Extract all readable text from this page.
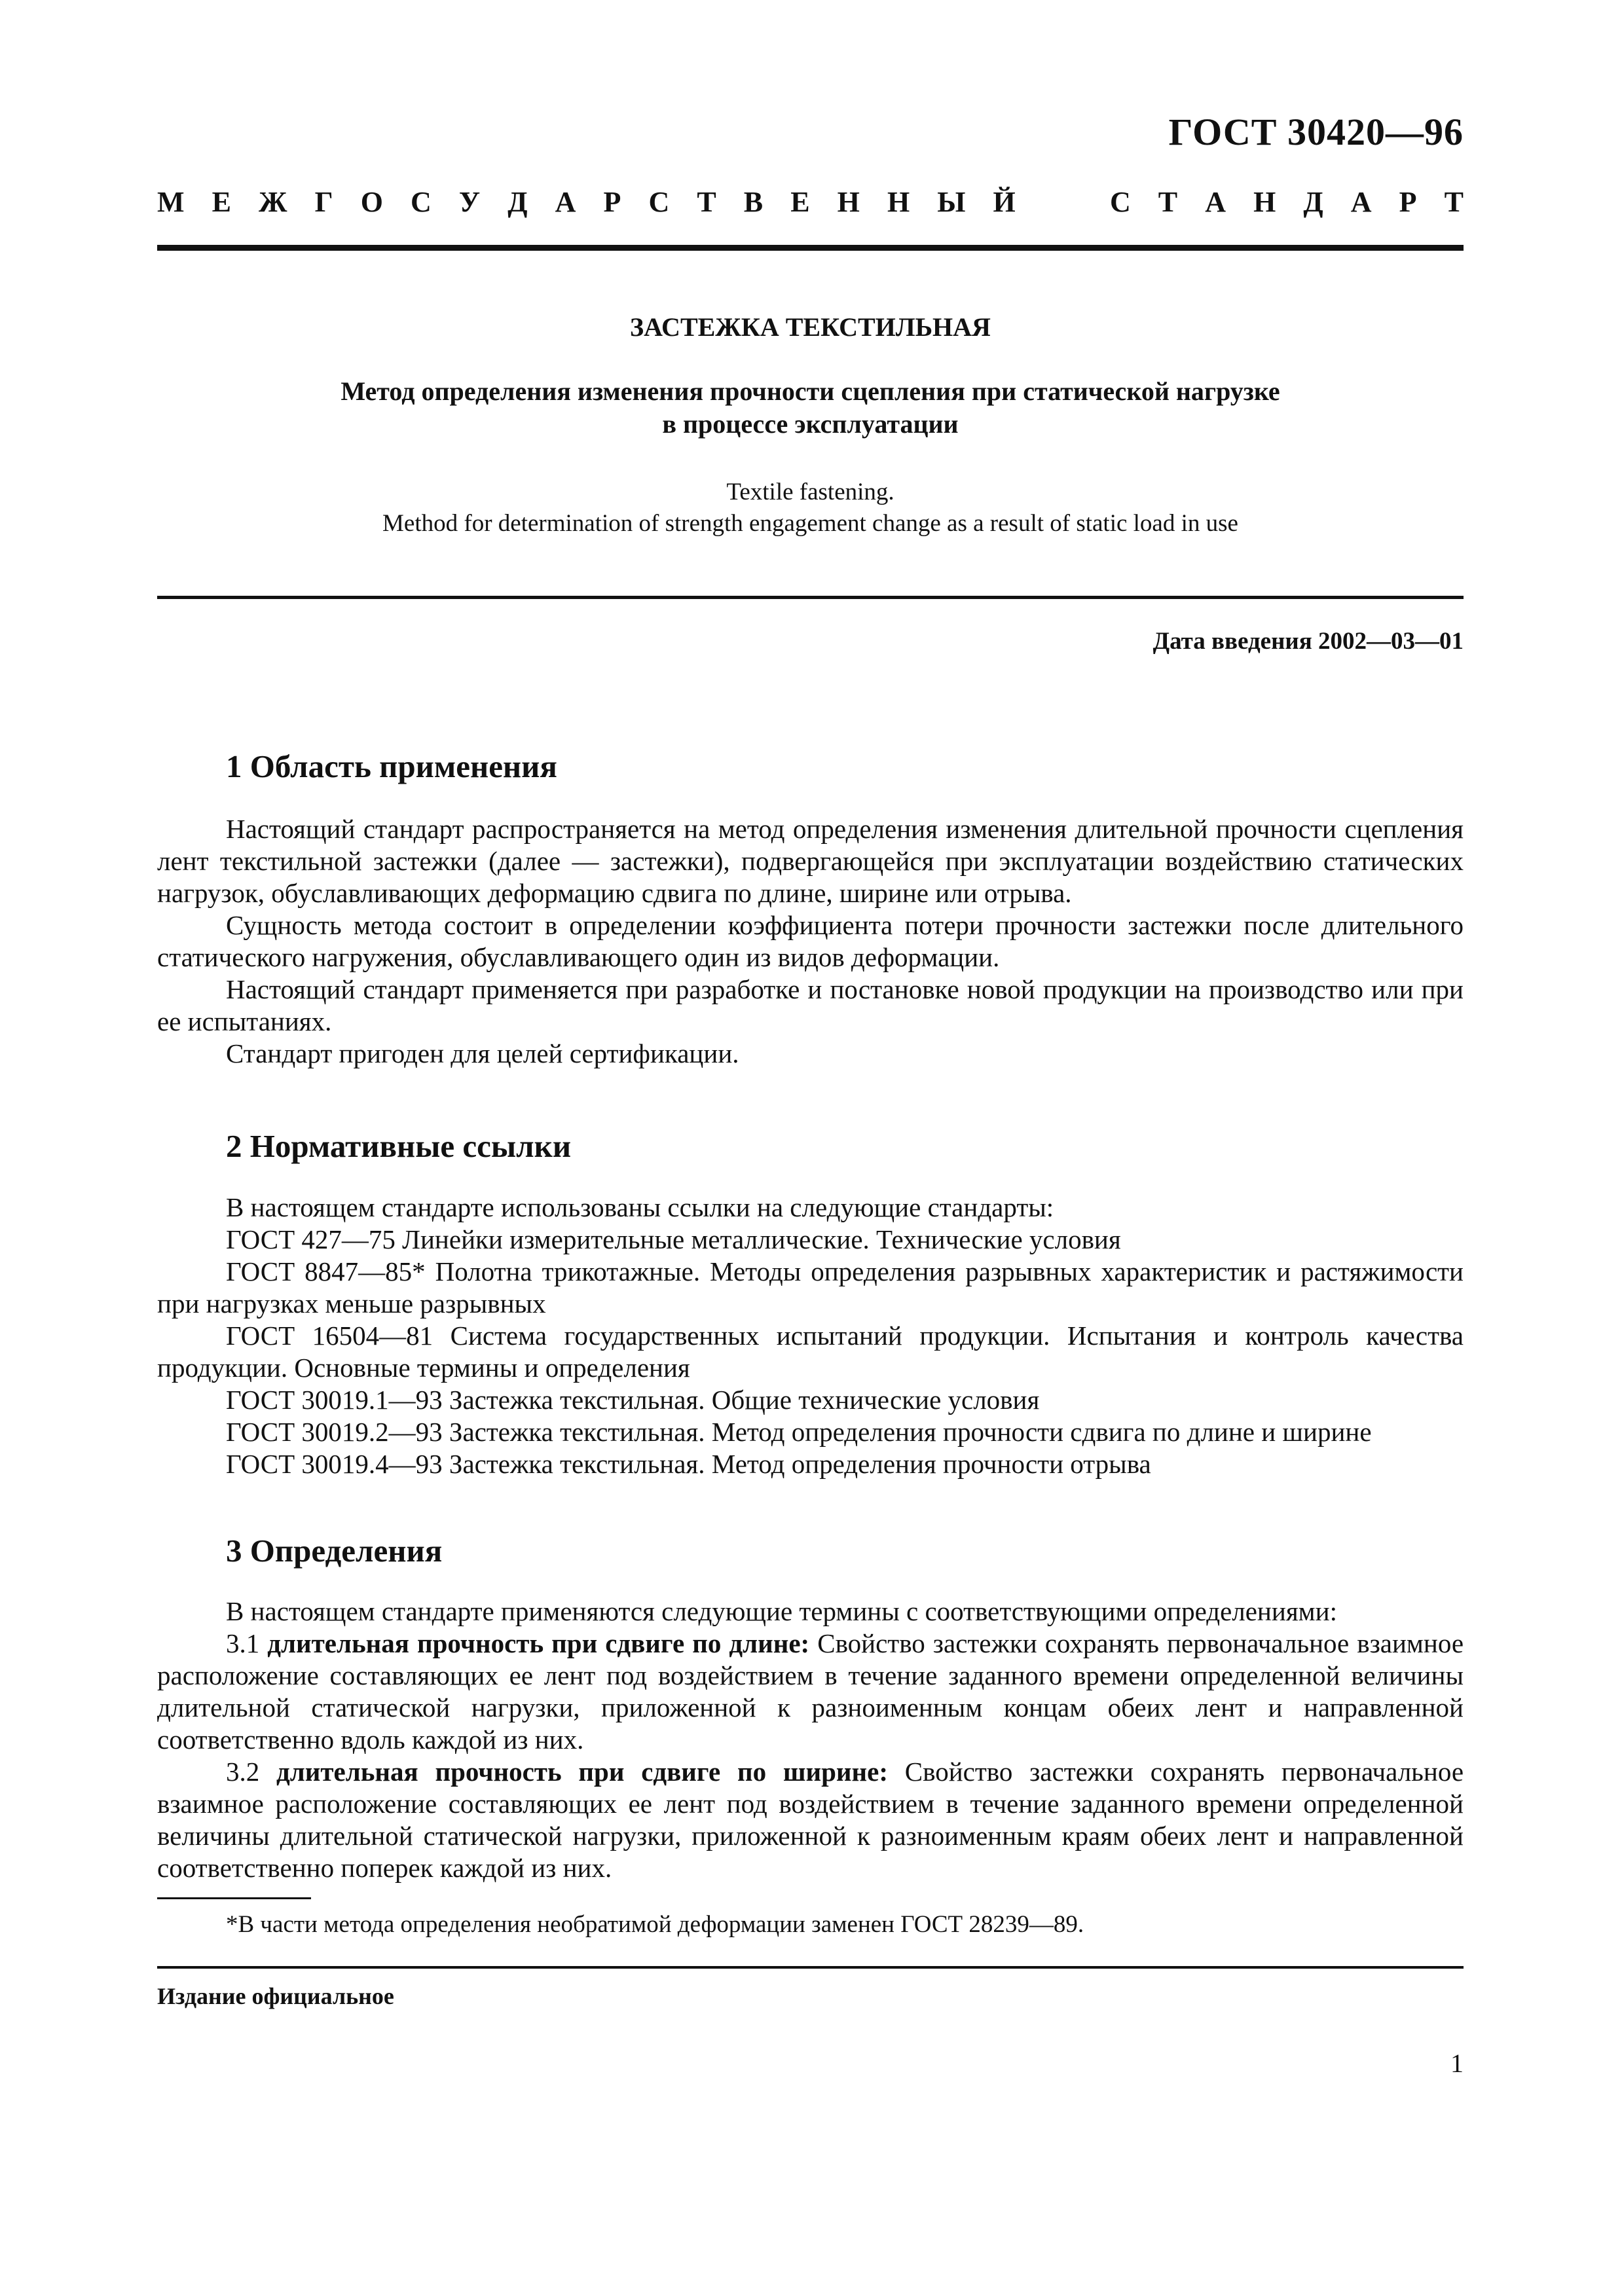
ГОСТ 30420—96
М Е Ж Г О С У Д А Р С Т В Е Н Н Ы Й	С Т А Н Д А Р Т
ЗАСТЕЖКА ТЕКСТИЛЬНАЯ
Метод определения изменения прочности сцепления при статической нагрузке
в процессе эксплуатации
Textile fastening.
Method for determination of strength engagement change as a result of static load in use
Дата введения 2002—03—01
1 Область применения

Настоящий стандарт распространяется на метод определения изменения длительной прочности сцепления лент текстильной застежки (далее — застежки), подвергающейся при эксплуатации воздействию статических нагрузок, обуславливающих деформацию сдвига по длине, ширине или отрыва.

Сущность метода состоит в определении коэффициента потери прочности застежки после длительного статического нагружения, обуславливающего один из видов деформации.

Настоящий стандарт применяется при разработке и постановке новой продукции на производство или при ее испытаниях.

Стандарт пригоден для целей сертификации.

2 Нормативные ссылки

В настоящем стандарте использованы ссылки на следующие стандарты:

ГОСТ 427—75 Линейки измерительные металлические. Технические условия

ГОСТ 8847—85* Полотна трикотажные. Методы определения разрывных характеристик и растяжимости при нагрузках меньше разрывных

ГОСТ 16504—81 Система государственных испытаний продукции. Испытания и контроль качества продукции. Основные термины и определения

ГОСТ 30019.1—93 Застежка текстильная. Общие технические условия

ГОСТ 30019.2—93 Застежка текстильная. Метод определения прочности сдвига по длине и ширине

ГОСТ 30019.4—93 Застежка текстильная. Метод определения прочности отрыва

3 Определения

В настоящем стандарте применяются следующие термины с соответствующими определениями:

3.1 длительная прочность при сдвиге по длине: Свойство застежки сохранять первоначальное взаимное расположение составляющих ее лент под воздействием в течение заданного времени определенной величины длительной статической нагрузки, приложенной к разноименным концам обеих лент и направленной соответственно вдоль каждой из них.

3.2 длительная прочность при сдвиге по ширине: Свойство застежки сохранять первоначальное взаимное расположение составляющих ее лент под воздействием в течение заданного времени определенной величины длительной статической нагрузки, приложенной к разноименным краям обеих лент и направленной соответственно поперек каждой из них.

*В части метода определения необратимой деформации заменен ГОСТ 28239—89.
Издание официальное
1
